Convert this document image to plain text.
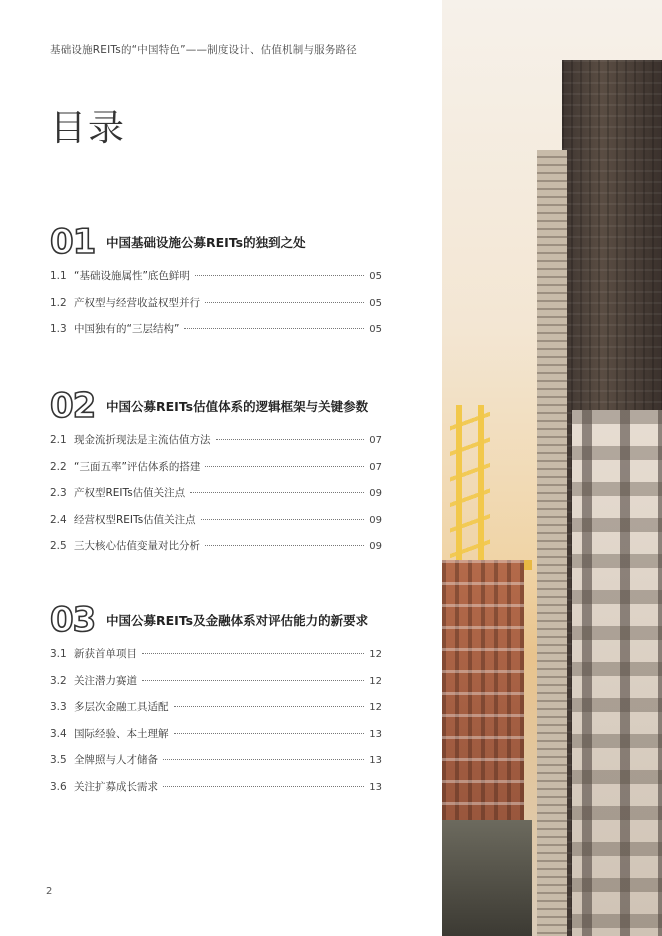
基础设施REITs的“中国特色”——制度设计、估值机制与服务路径
目录
01 中国基础设施公募REITs的独到之处
1.1 “基础设施属性”底色鲜明	05
1.2 产权型与经营收益权型并行	05
1.3 中国独有的“三层结构”	05
02 中国公募REITs估值体系的逻辑框架与关键参数
2.1 现金流折现法是主流估值方法	07
2.2 “三面五率”评估体系的搭建	07
2.3 产权型REITs估值关注点	09
2.4 经营权型REITs估值关注点	09
2.5 三大核心估值变量对比分析	09
03 中国公募REITs及金融体系对评估能力的新要求
3.1 新获首单项目	12
3.2 关注潜力赛道	12
3.3 多层次金融工具适配	12
3.4 国际经验、本土理解	13
3.5 全牌照与人才储备	13
3.6 关注扩募成长需求	13
2
